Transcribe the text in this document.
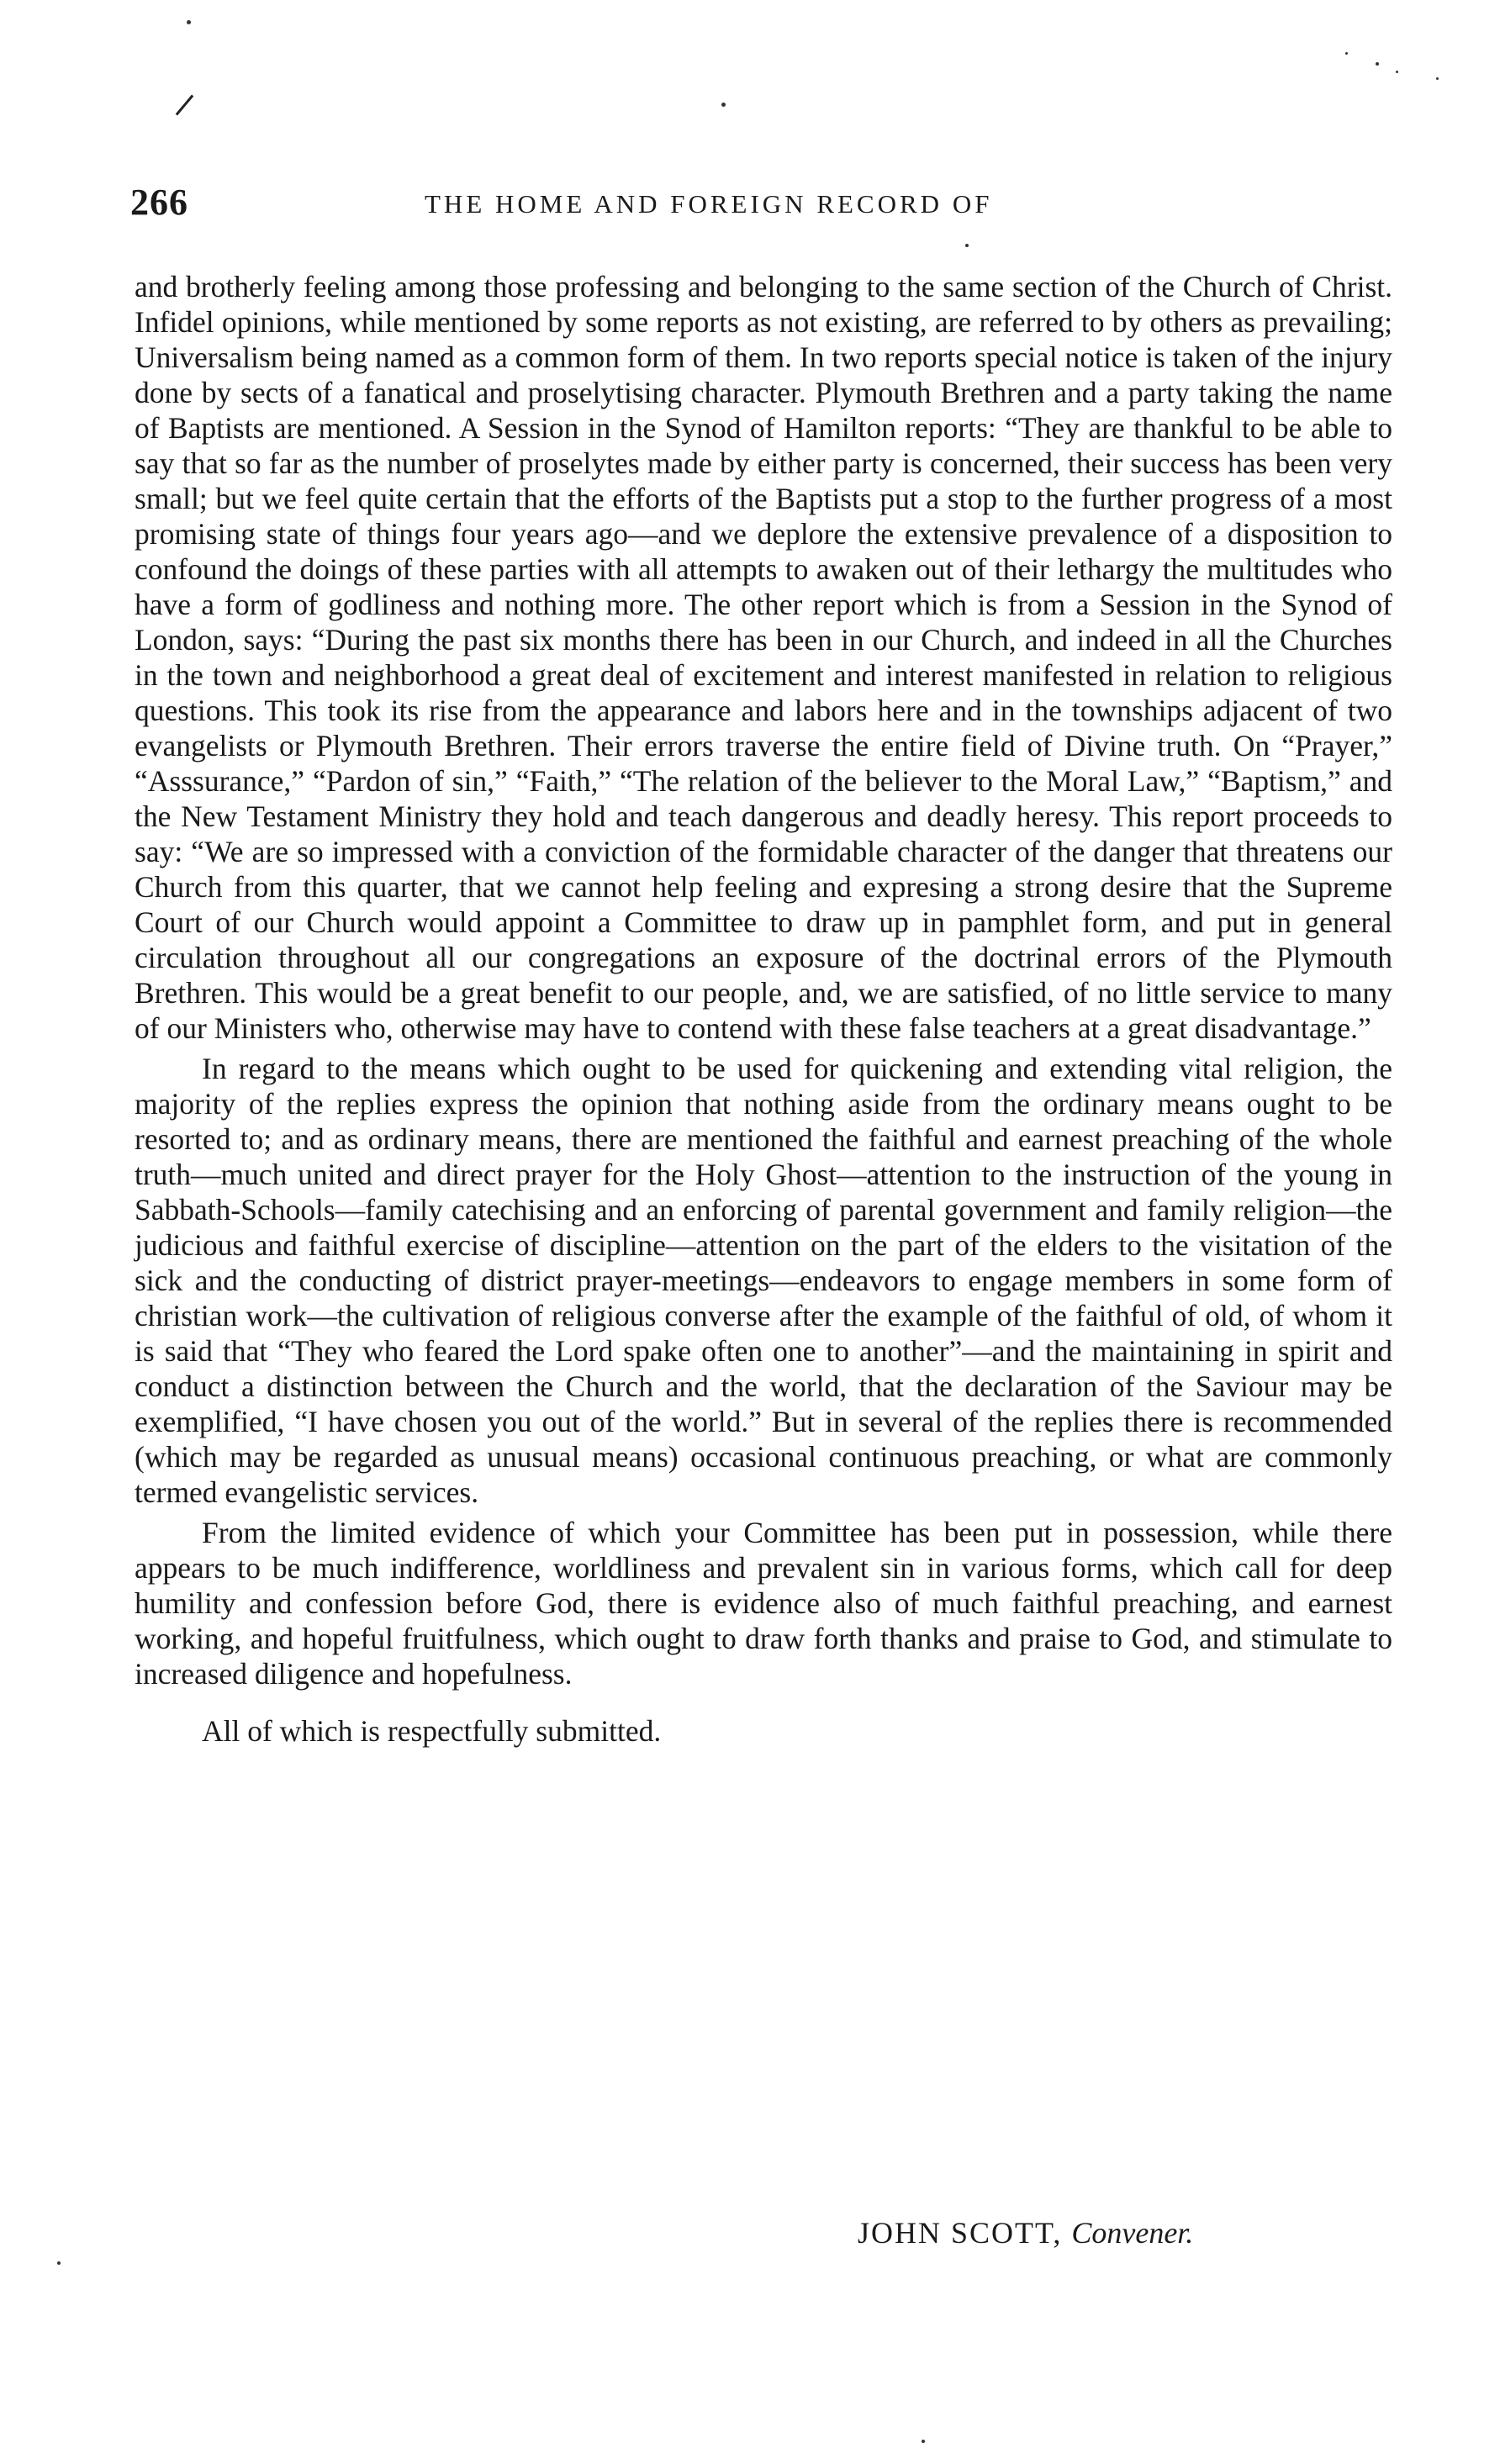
266	THE HOME AND FOREIGN RECORD OF

and brotherly feeling among those professing and belonging to the same section of the Church of Christ. Infidel opinions, while mentioned by some reports as not existing, are referred to by others as prevailing; Universalism being named as a common form of them. In two reports special notice is taken of the injury done by sects of a fanatical and proselytising character. Plymouth Brethren and a party taking the name of Baptists are mentioned. A Session in the Synod of Hamilton reports: “They are thankful to be able to say that so far as the number of proselytes made by either party is concerned, their success has been very small; but we feel quite certain that the efforts of the Baptists put a stop to the further progress of a most promising state of things four years ago—and we deplore the extensive prevalence of a disposition to confound the doings of these parties with all attempts to awaken out of their lethargy the multitudes who have a form of godliness and nothing more. The other report which is from a Session in the Synod of London, says: “During the past six months there has been in our Church, and indeed in all the Churches in the town and neighborhood a great deal of excitement and interest manifested in relation to religious questions. This took its rise from the appearance and labors here and in the townships adjacent of two evangelists or Plymouth Brethren. Their errors traverse the entire field of Divine truth. On “Prayer,” “Asssurance,” “Pardon of sin,” “Faith,” “The relation of the believer to the Moral Law,” “Baptism,” and the New Testament Ministry they hold and teach dangerous and deadly heresy. This report proceeds to say: “We are so impressed with a conviction of the formidable character of the danger that threatens our Church from this quarter, that we cannot help feeling and expresing a strong desire that the Supreme Court of our Church would appoint a Committee to draw up in pamphlet form, and put in general circulation throughout all our congregations an exposure of the doctrinal errors of the Plymouth Brethren. This would be a great benefit to our people, and, we are satisfied, of no little service to many of our Ministers who, otherwise may have to contend with these false teachers at a great disadvantage.”

In regard to the means which ought to be used for quickening and extending vital religion, the majority of the replies express the opinion that nothing aside from the ordinary means ought to be resorted to; and as ordinary means, there are mentioned the faithful and earnest preaching of the whole truth—much united and direct prayer for the Holy Ghost—attention to the instruction of the young in Sabbath-Schools—family catechising and an enforcing of parental government and family religion—the judicious and faithful exercise of discipline—attention on the part of the elders to the visitation of the sick and the conducting of district prayer-meetings—endeavors to engage members in some form of christian work—the cultivation of religious converse after the example of the faithful of old, of whom it is said that “They who feared the Lord spake often one to another”—and the maintaining in spirit and conduct a distinction between the Church and the world, that the declaration of the Saviour may be exemplified, “I have chosen you out of the world.” But in several of the replies there is recommended (which may be regarded as unusual means) occasional continuous preaching, or what are commonly termed evangelistic services.

From the limited evidence of which your Committee has been put in possession, while there appears to be much indifference, worldliness and prevalent sin in various forms, which call for deep humility and confession before God, there is evidence also of much faithful preaching, and earnest working, and hopeful fruitfulness, which ought to draw forth thanks and praise to God, and stimulate to increased diligence and hopefulness.

All of which is respectfully submitted.

JOHN SCOTT, Convener.
